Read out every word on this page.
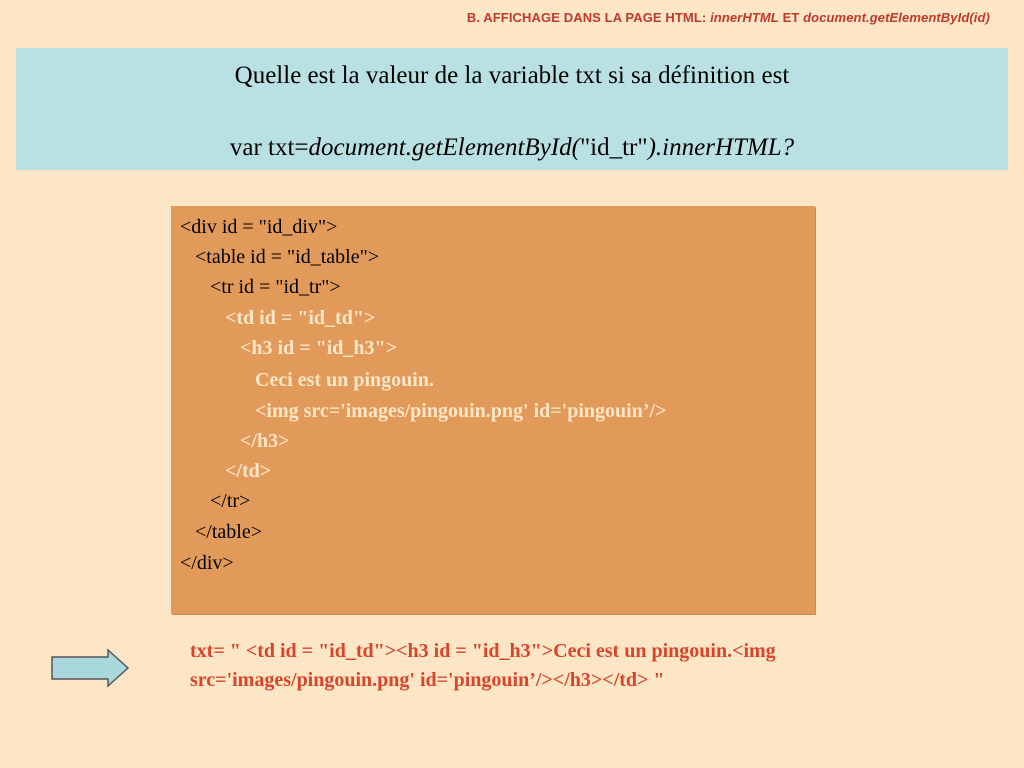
B. AFFICHAGE DANS LA PAGE HTML: innerHTML ET document.getElementById(id)
Quelle est la valeur de la variable txt si sa définition est
var txt=document.getElementById("id_tr").innerHTML?
<div id = "id_div">
<table id = "id_table">
<tr id = "id_tr">
<td id = "id_td">
<h3 id = "id_h3">
Ceci est un pingouin.
<img src='images/pingouin.png' id='pingouin’/>
</h3>
</td>
</tr>
</table>
</div>
txt= " <td id = "id_td"><h3 id = "id_h3">Ceci est un pingouin.<img
src='images/pingouin.png' id='pingouin’/></h3></td> "
